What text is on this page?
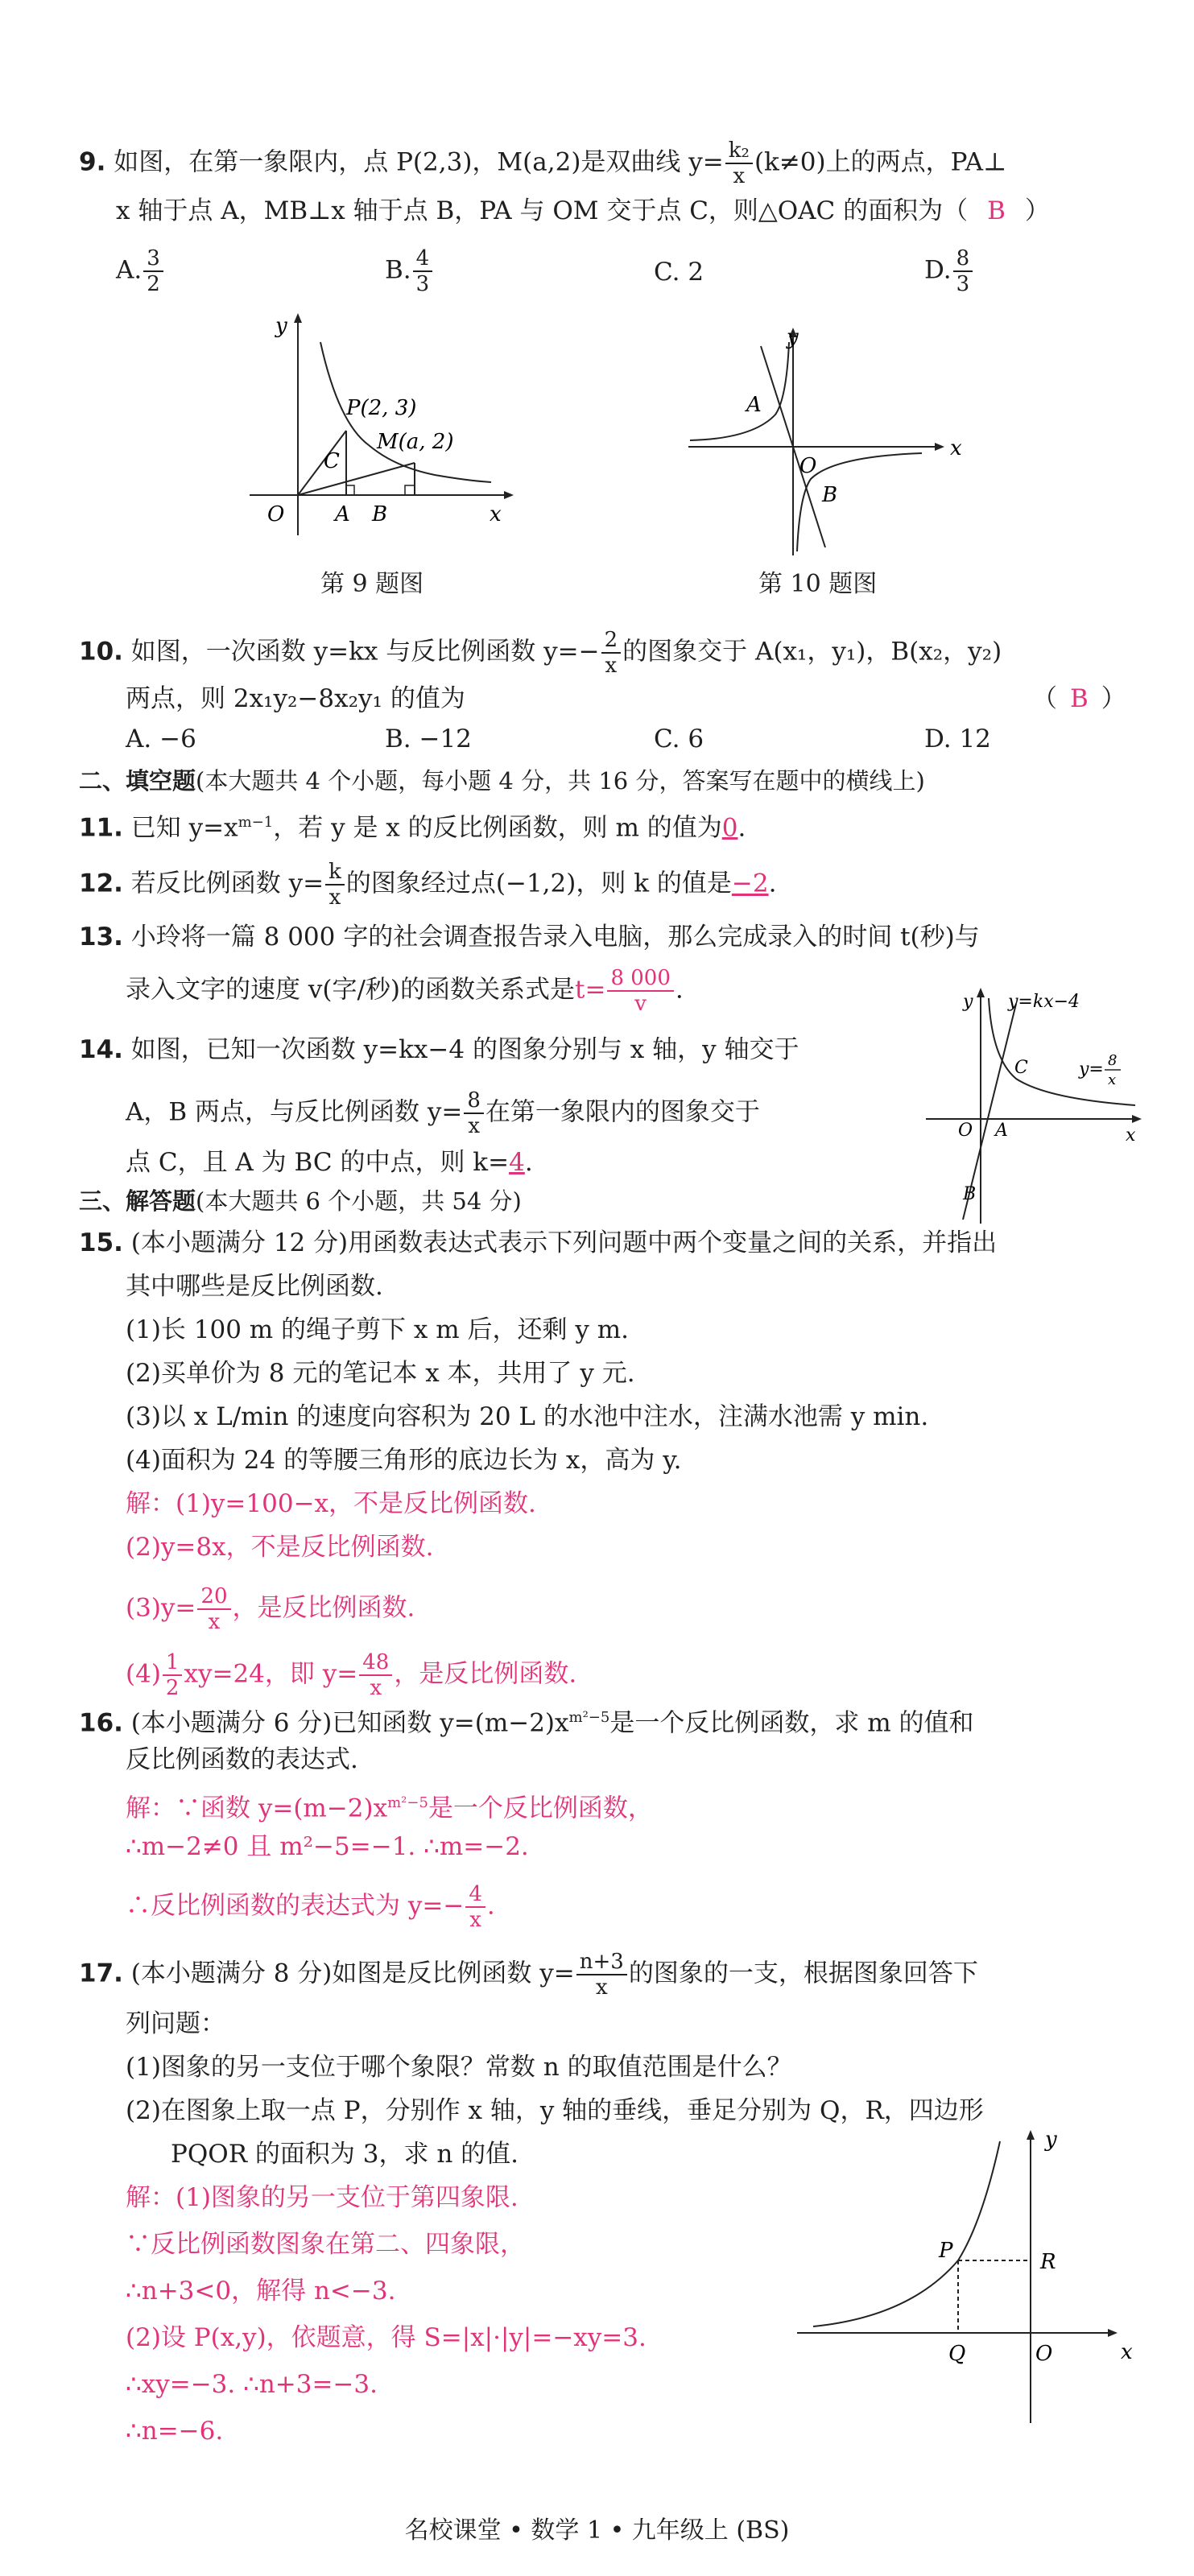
9. 如图，在第一象限内，点 P(2,3)，M(a,2)是双曲线 $y= \frac{\text{k₂}}{x} (k\ne 0)$上的两点，PA⊥
x 轴于点 A，MB⊥x 轴于点 B，PA 与 OM 交于点 C，则△OAC 的面积为（ B ）
A. $\frac{3}{2}$	B. $\frac{4}{3}$	C. 2	D. $\frac{8}{3}$
y
x
O
P(2, 3)
M(a, 2)
C
A B
第 9 题图
y
x
O
A
B
第 10 题图
10. 如图，一次函数 y=kx 与反比例函数 $y=- \frac{2}{x}$ 的图象交于 A(x₁，y₁)，B(x₂，y₂)
两点，则 2x₁y₂−8x₂y₁ 的值为	（ B ）
A. −6	B. −12	C. 6	D. 12
二、填空题(本大题共 4 个小题，每小题 4 分，共 16 分，答案写在题中的横线上)
11. 已知 $y=x^{m-1}$，若 y 是 x 的反比例函数，则 m 的值为0.
12. 若反比例函数 $y= \frac{k}{x}$ 的图象经过点(−1,2)，则 k 的值是−2.
13. 小玲将一篇 8 000 字的社会调查报告录入电脑，那么完成录入的时间 t(秒)与
录入文字的速度 v(字/秒)的函数关系式是$t= \frac{8 000}{v}$ .
14. 如图，已知一次函数 y=kx−4 的图象分别与 x 轴，y 轴交于
A，B 两点，与反比例函数 $y= \frac{8}{x}$ 在第一象限内的图象交于
点 C，且 A 为 BC 的中点，则 k=4.
y
x
O A
B
C
y=kx−4
y= 8
x
三、解答题(本大题共 6 个小题，共 54 分)
15. (本小题满分 12 分)用函数表达式表示下列问题中两个变量之间的关系，并指出
其中哪些是反比例函数.
(1)长 100 m 的绳子剪下 x m 后，还剩 y m.
(2)买单价为 8 元的笔记本 x 本，共用了 y 元.
(3)以 x L/min 的速度向容积为 20 L 的水池中注水，注满水池需 y min.
(4)面积为 24 的等腰三角形的底边长为 x，高为 y.
解：(1)y=100−x，不是反比例函数.
(2)y=8x，不是反比例函数.
$(3)y= \frac{20}{x}$ ，是反比例函数.
$(4) \frac{1}{2} xy=24$，即 $y= \frac{48}{x}$ ，是反比例函数.
16. (本小题满分 6 分)已知函数 $y=(m-2)x^{m^2-5}$是一个反比例函数，求 m 的值和
反比例函数的表达式.
解：∵函数 $y=(m-2)x^{m^2-5}$是一个反比例函数，
∴m−2≠0 且 m²−5=−1. ∴m=−2.
∴反比例函数的表达式为 $y=- \frac{4}{x}$ .
17. (本小题满分 8 分)如图是反比例函数 $y= \frac{n+3}{x}$ 的图象的一支，根据图象回答下
列问题：
(1)图象的另一支位于哪个象限？常数 n 的取值范围是什么？
(2)在图象上取一点 P，分别作 x 轴，y 轴的垂线，垂足分别为 Q，R，四边形
PQOR 的面积为 3，求 n 的值.
解：(1)图象的另一支位于第四象限.
∵反比例函数图象在第二、四象限，
∴n+3<0，解得 n<−3.
(2)设 P(x,y)，依题意，得 S=|x|·|y|=−xy=3.
∴xy=−3. ∴n+3=−3.
∴n=−6.
y
x
O
P
Q
R
名校课堂 • 数学 1 • 九年级上 (BS)
